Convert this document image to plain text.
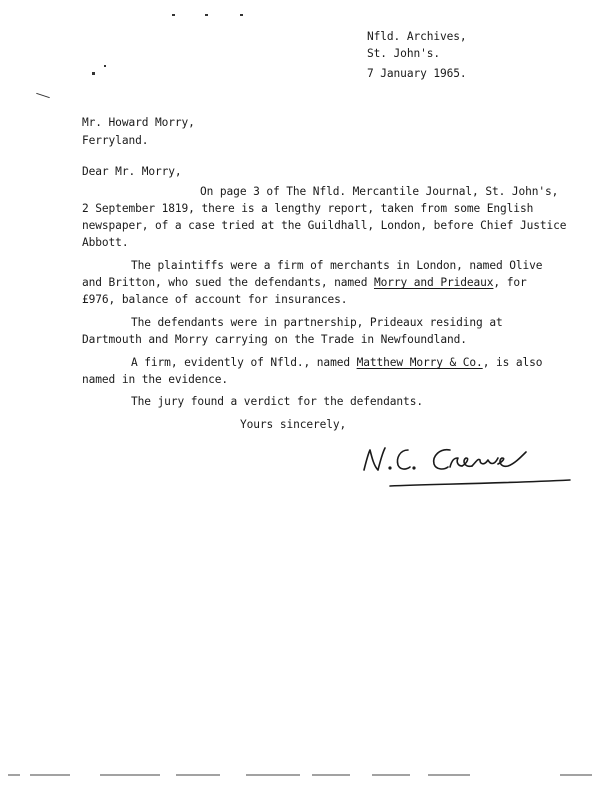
Nfld. Archives,
St. John's.
7 January 1965.
Mr. Howard Morry,
Ferryland.
Dear Mr. Morry,
On page 3 of The Nfld. Mercantile Journal, St. John's,
2 September 1819, there is a lengthy report, taken from some English
newspaper, of a case tried at the Guildhall, London, before Chief Justice
Abbott.
The plaintiffs were a firm of merchants in London, named Olive
and Britton, who sued the defendants, named Morry and Prideaux, for
£976, balance of account for insurances.
The defendants were in partnership, Prideaux residing at
Dartmouth and Morry carrying on the Trade in Newfoundland.
A firm, evidently of Nfld., named Matthew Morry & Co., is also
named in the evidence.
The jury found a verdict for the defendants.
Yours sincerely,
